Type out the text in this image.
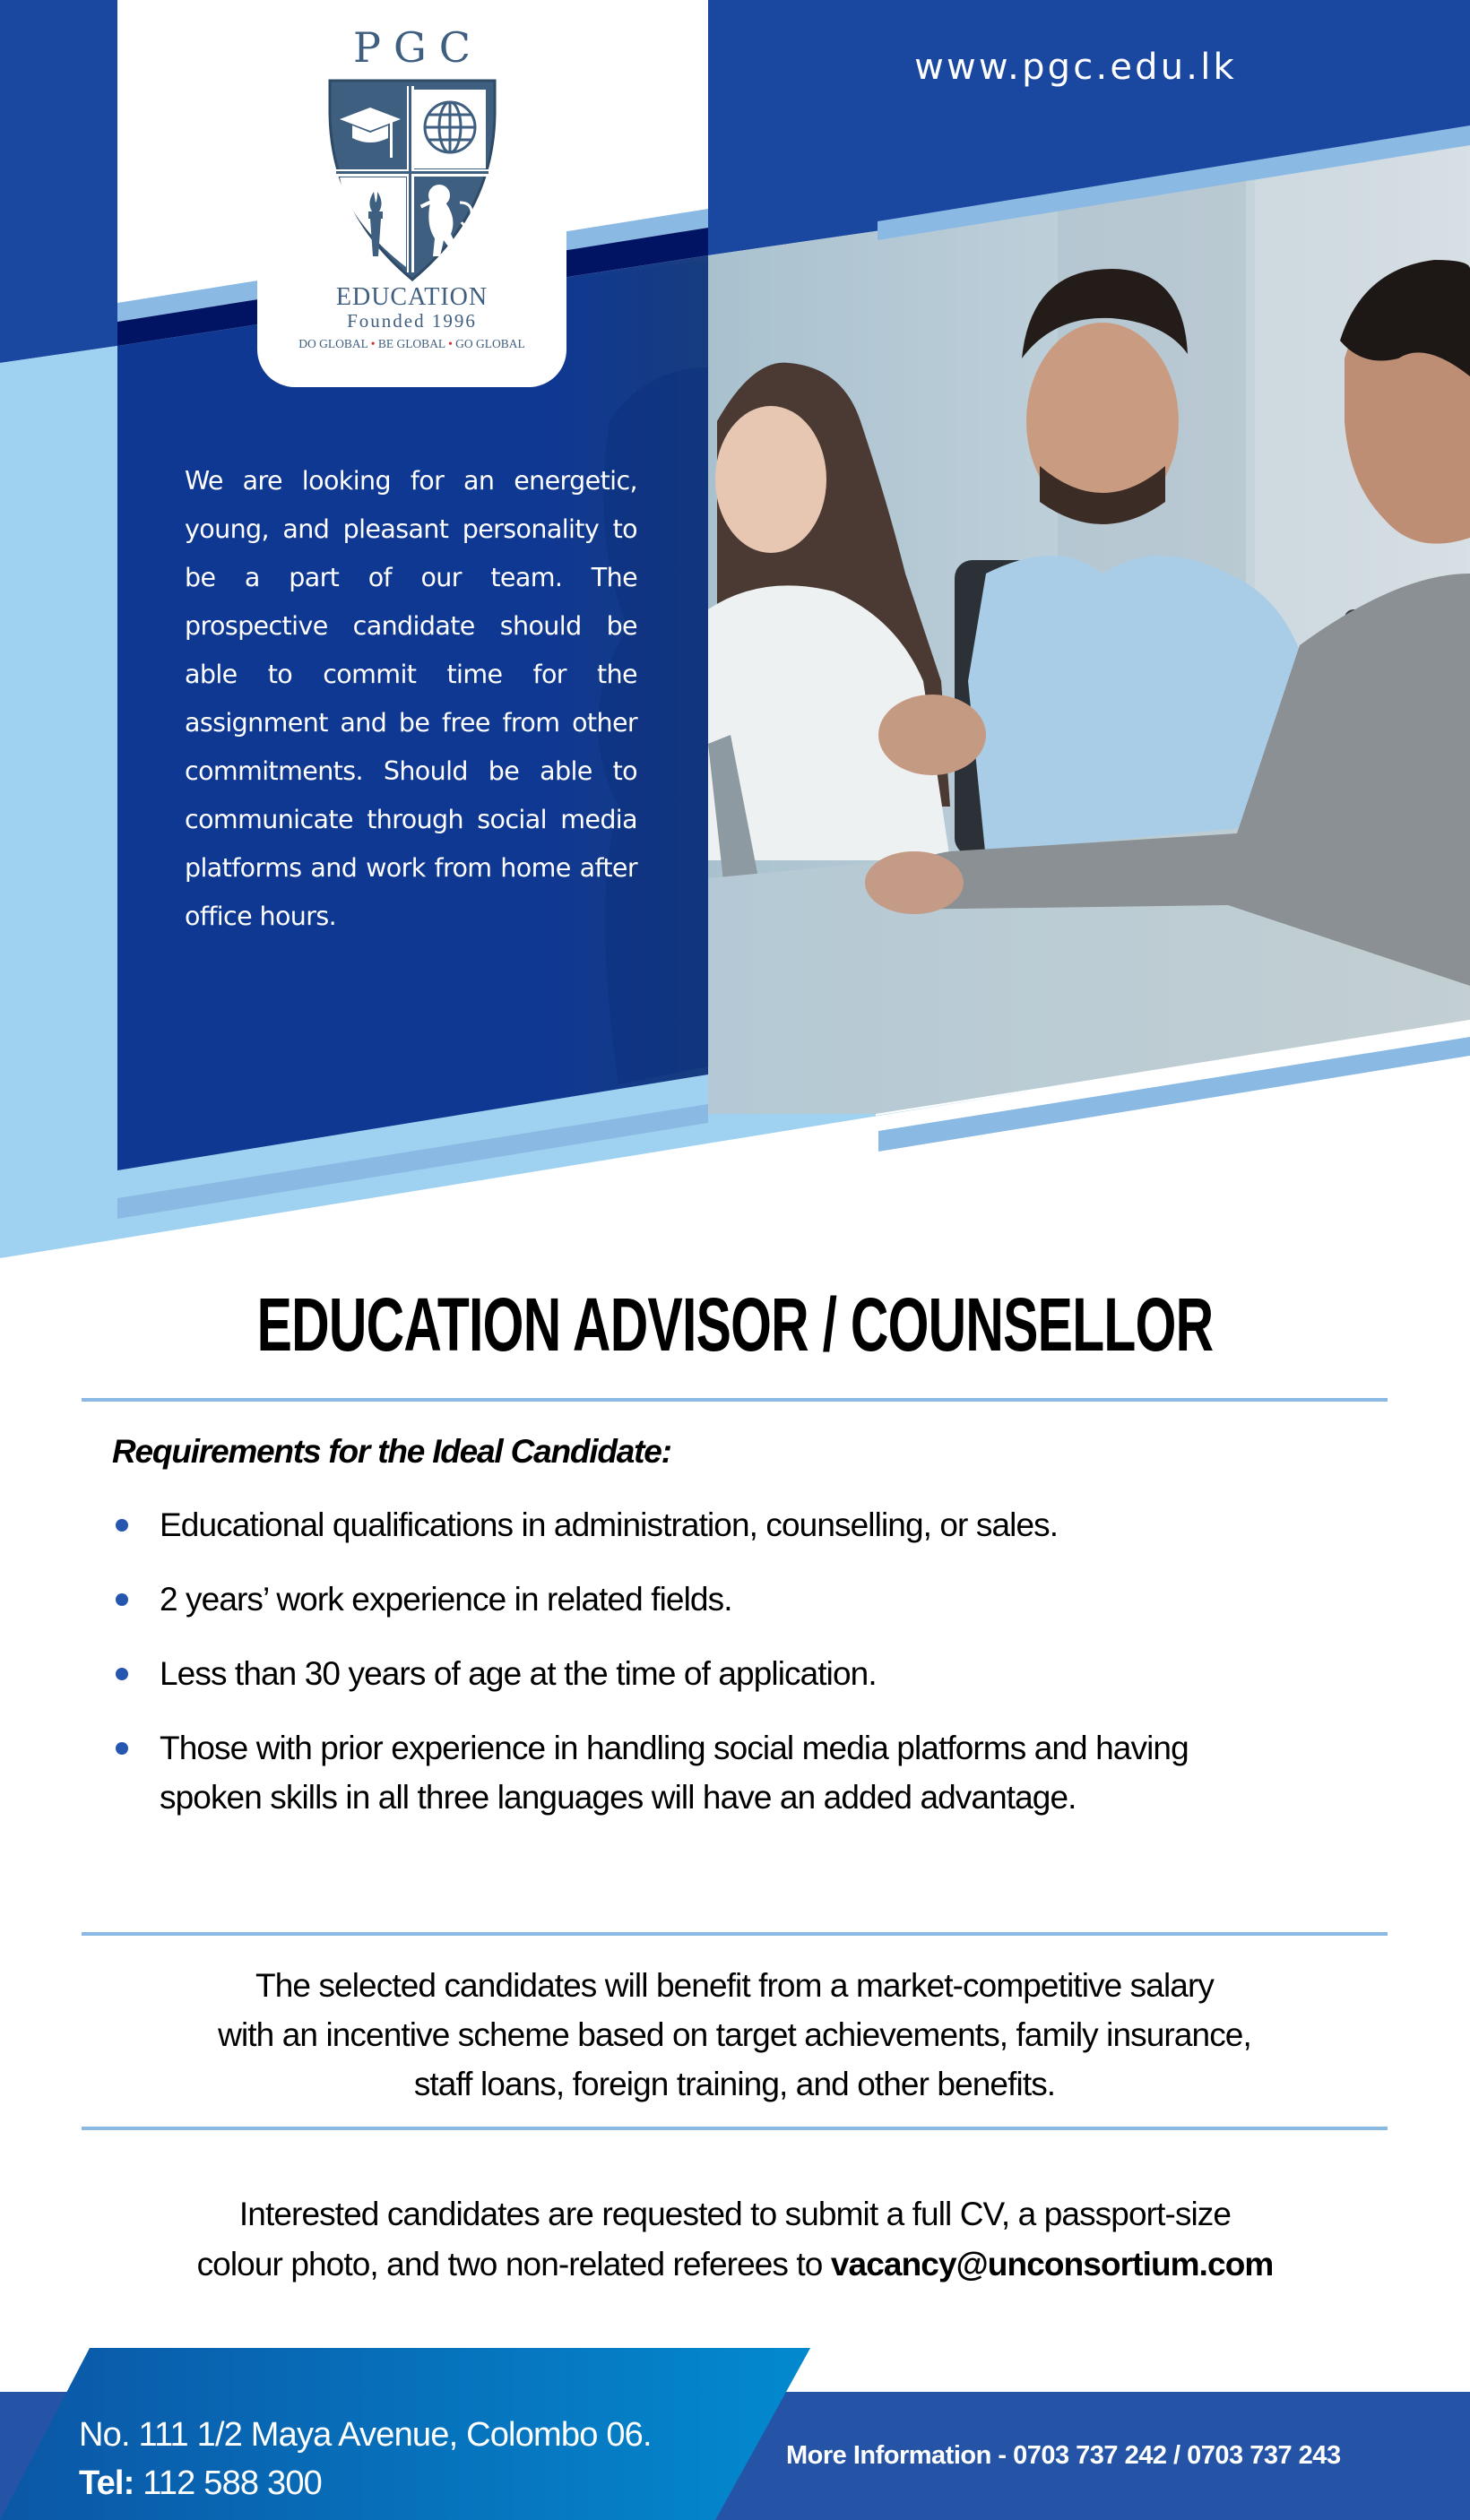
www.pgc.edu.lk
PGC
EDUCATION
Founded 1996
DO GLOBAL • BE GLOBAL • GO GLOBAL

We are looking for an energetic, young, and pleasant personality to be a part of our team. The prospective candidate should be able to commit time for the assignment and be free from other commitments. Should be able to communicate through social media platforms and work from home after office hours.

EDUCATION ADVISOR / COUNSELLOR
Requirements for the Ideal Candidate:
Educational qualifications in administration, counselling, or sales.
2 years’ work experience in related fields.
Less than 30 years of age at the time of application.
Those with prior experience in handling social media platforms and having spoken skills in all three languages will have an added advantage.
The selected candidates will benefit from a market-competitive salary
with an incentive scheme based on target achievements, family insurance,
staff loans, foreign training, and other benefits.
Interested candidates are requested to submit a full CV, a passport-size
colour photo, and two non-related referees to vacancy@unconsortium.com
No. 111 1/2 Maya Avenue, Colombo 06.
Tel: 112 588 300
More Information - 0703 737 242 / 0703 737 243
